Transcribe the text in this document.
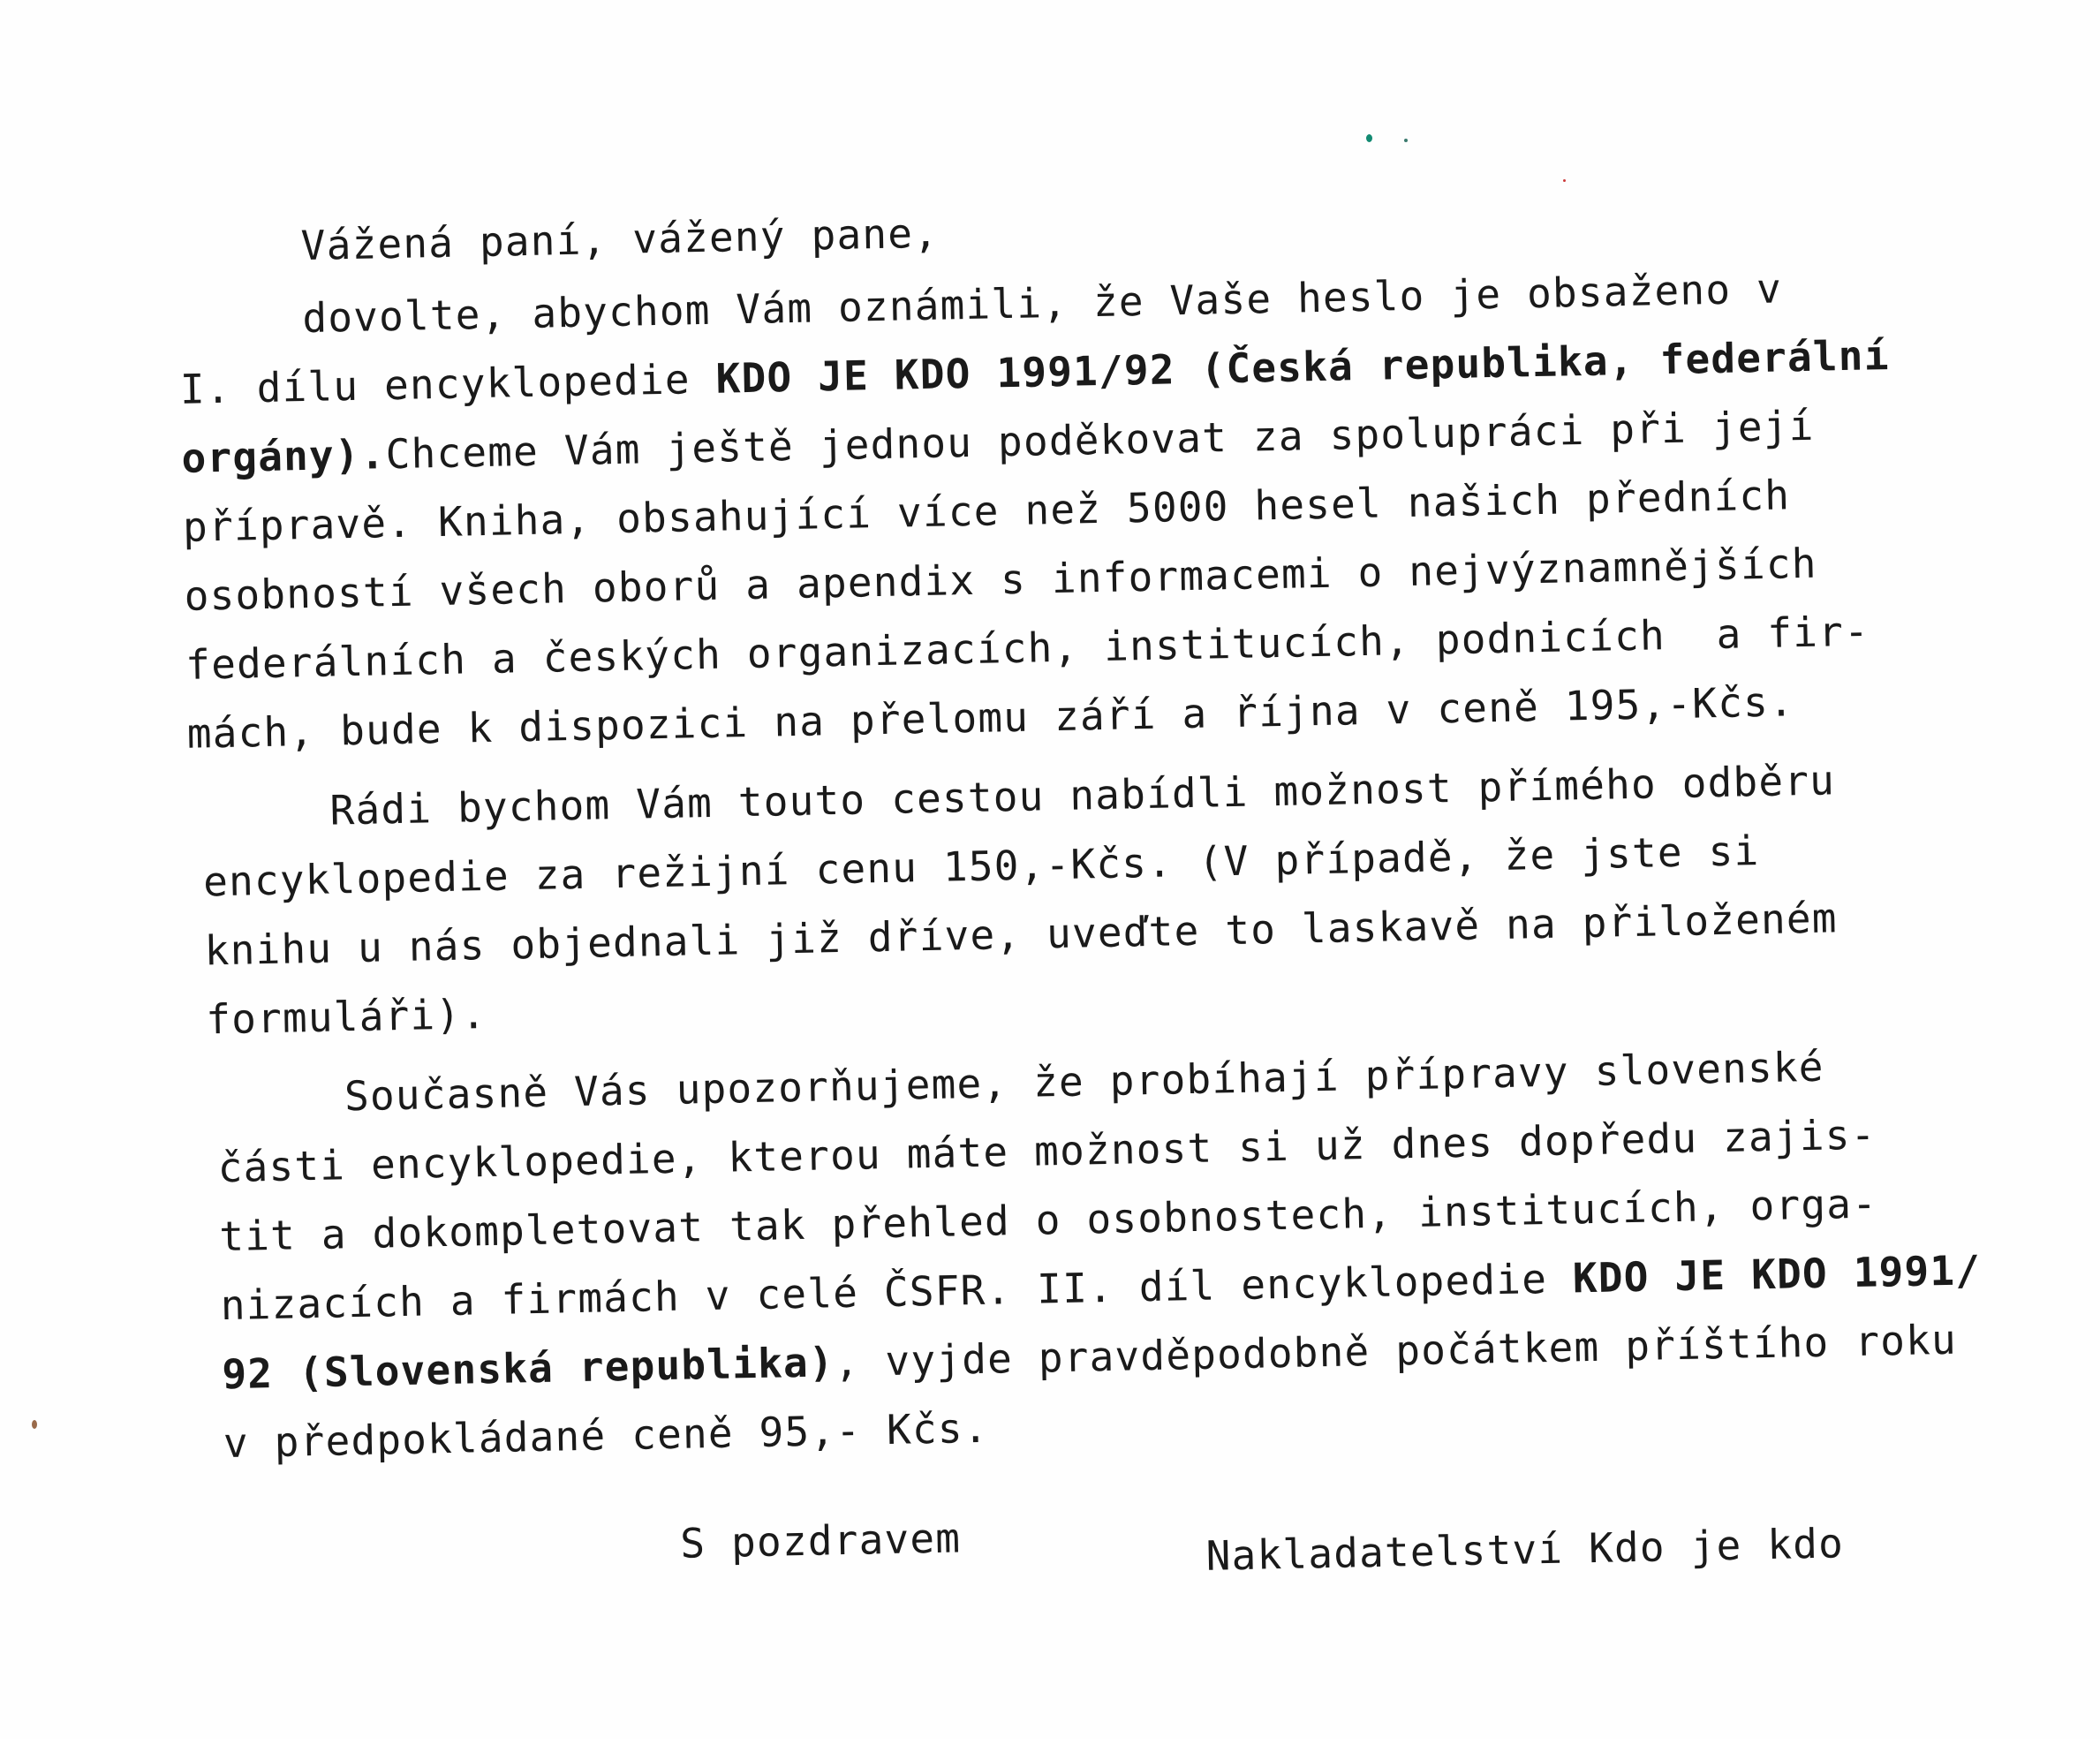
Vážená paní, vážený pane,
dovolte, abychom Vám oznámili, že Vaše heslo je obsaženo v
I. dílu encyklopedie KDO JE KDO 1991/92 (Česká republika, federální
orgány).Chceme Vám ještě jednou poděkovat za spolupráci při její
přípravě. Kniha, obsahující více než 5000 hesel našich předních
osobností všech oborů a apendix s informacemi o nejvýznamnějších
federálních a českých organizacích, institucích, podnicích  a fir-
mách, bude k dispozici na přelomu září a října v ceně 195,-Kčs.
Rádi bychom Vám touto cestou nabídli možnost přímého odběru
encyklopedie za režijní cenu 150,-Kčs. (V případě, že jste si
knihu u nás objednali již dříve, uveďte to laskavě na přiloženém
formuláři).
Současně Vás upozorňujeme, že probíhají přípravy slovenské
části encyklopedie, kterou máte možnost si už dnes dopředu zajis-
tit a dokompletovat tak přehled o osobnostech, institucích, orga-
nizacích a firmách v celé ČSFR. II. díl encyklopedie KDO JE KDO 1991/
92 (Slovenská republika), vyjde pravděpodobně počátkem příštího roku
v předpokládané ceně 95,- Kčs.
S pozdravem	Nakladatelství Kdo je kdo
